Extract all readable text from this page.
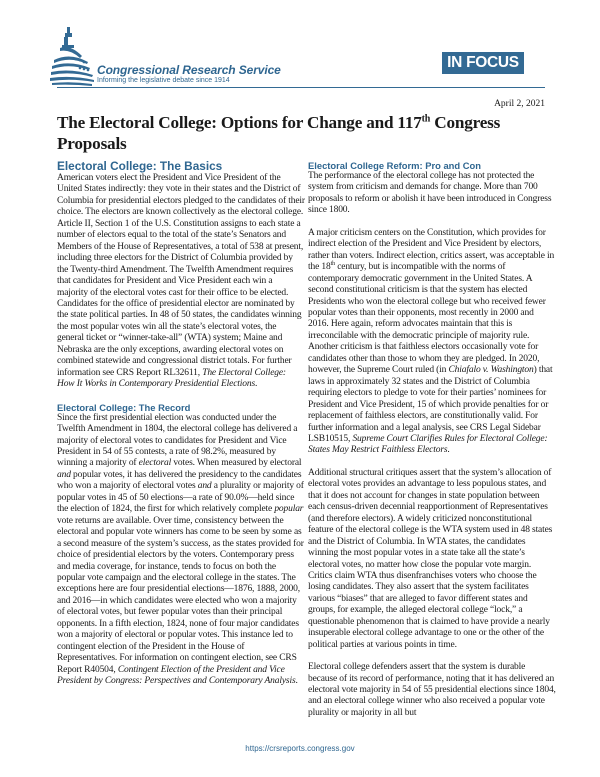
Congressional Research Service
Informing the legislative debate since 1914
IN FOCUS
April 2, 2021
The Electoral College: Options for Change and 117th Congress Proposals
Electoral College: The Basics

American voters elect the President and Vice President of the United States indirectly: they vote in their states and the District of Columbia for presidential electors pledged to the candidates of their choice. The electors are known collectively as the electoral college. Article II, Section 1 of the U.S. Constitution assigns to each state a number of electors equal to the total of the state’s Senators and Members of the House of Representatives, a total of 538 at present, including three electors for the District of Columbia provided by the Twenty-third Amendment. The Twelfth Amendment requires that candidates for President and Vice President each win a majority of the electoral votes cast for their office to be elected. Candidates for the office of presidential elector are nominated by the state political parties. In 48 of 50 states, the candidates winning the most popular votes win all the state’s electoral votes, the general ticket or “winner-take-all” (WTA) system; Maine and Nebraska are the only exceptions, awarding electoral votes on combined statewide and congressional district totals. For further information see CRS Report RL32611, The Electoral College: How It Works in Contemporary Presidential Elections.

Electoral College: The Record

Since the first presidential election was conducted under the Twelfth Amendment in 1804, the electoral college has delivered a majority of electoral votes to candidates for President and Vice President in 54 of 55 contests, a rate of 98.2%, measured by winning a majority of electoral votes. When measured by electoral and popular votes, it has delivered the presidency to the candidates who won a majority of electoral votes and a plurality or majority of popular votes in 45 of 50 elections—a rate of 90.0%—held since the election of 1824, the first for which relatively complete popular vote returns are available. Over time, consistency between the electoral and popular vote winners has come to be seen by some as a second measure of the system’s success, as the states provided for choice of presidential electors by the voters. Contemporary press and media coverage, for instance, tends to focus on both the popular vote campaign and the electoral college in the states. The exceptions here are four presidential elections—1876, 1888, 2000, and 2016—in which candidates were elected who won a majority of electoral votes, but fewer popular votes than their principal opponents. In a fifth election, 1824, none of four major candidates won a majority of electoral or popular votes. This instance led to contingent election of the President in the House of Representatives. For information on contingent election, see CRS Report R40504, Contingent Election of the President and Vice President by Congress: Perspectives and Contemporary Analysis.

Electoral College Reform: Pro and Con

The performance of the electoral college has not protected the system from criticism and demands for change. More than 700 proposals to reform or abolish it have been introduced in Congress since 1800.

A major criticism centers on the Constitution, which provides for indirect election of the President and Vice President by electors, rather than voters. Indirect election, critics assert, was acceptable in the 18th century, but is incompatible with the norms of contemporary democratic government in the United States. A second constitutional criticism is that the system has elected Presidents who won the electoral college but who received fewer popular votes than their opponents, most recently in 2000 and 2016. Here again, reform advocates maintain that this is irreconcilable with the democratic principle of majority rule. Another criticism is that faithless electors occasionally vote for candidates other than those to whom they are pledged. In 2020, however, the Supreme Court ruled (in Chiafalo v. Washington) that laws in approximately 32 states and the District of Columbia requiring electors to pledge to vote for their parties’ nominees for President and Vice President, 15 of which provide penalties for or replacement of faithless electors, are constitutionally valid. For further information and a legal analysis, see CRS Legal Sidebar LSB10515, Supreme Court Clarifies Rules for Electoral College: States May Restrict Faithless Electors.

Additional structural critiques assert that the system’s allocation of electoral votes provides an advantage to less populous states, and that it does not account for changes in state population between each census-driven decennial reapportionment of Representatives (and therefore electors). A widely criticized nonconstitutional feature of the electoral college is the WTA system used in 48 states and the District of Columbia. In WTA states, the candidates winning the most popular votes in a state take all the state’s electoral votes, no matter how close the popular vote margin. Critics claim WTA thus disenfranchises voters who choose the losing candidates. They also assert that the system facilitates various “biases” that are alleged to favor different states and groups, for example, the alleged electoral college “lock,” a questionable phenomenon that is claimed to have provide a nearly insuperable electoral college advantage to one or the other of the political parties at various points in time.

Electoral college defenders assert that the system is durable because of its record of performance, noting that it has delivered an electoral vote majority in 54 of 55 presidential elections since 1804, and an electoral college winner who also received a popular vote plurality or majority in all but

https://crsreports.congress.gov
